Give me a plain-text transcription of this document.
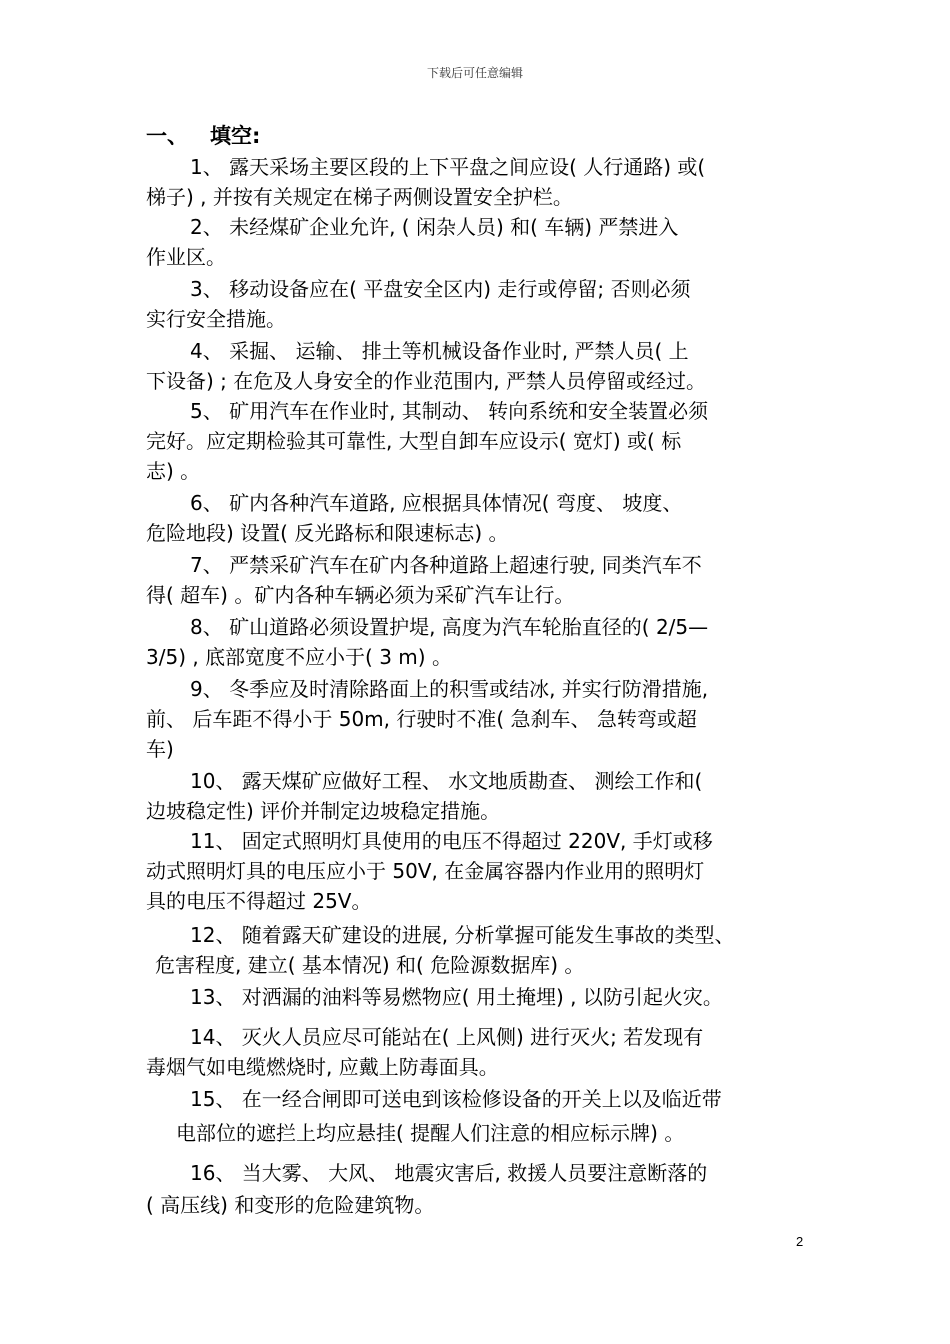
下载后可任意编辑
一、 填空:
1、 露天采场主要区段的上下平盘之间应设( 人行通路) 或(
梯子) , 并按有关规定在梯子两侧设置安全护栏。
2、 未经煤矿企业允许, ( 闲杂人员) 和( 车辆) 严禁进入
作业区。
3、 移动设备应在( 平盘安全区内) 走行或停留; 否则必须
实行安全措施。
4、 采掘、 运输、 排土等机械设备作业时, 严禁人员( 上
下设备) ; 在危及人身安全的作业范围内, 严禁人员停留或经过。
5、 矿用汽车在作业时, 其制动、 转向系统和安全装置必须
完好。应定期检验其可靠性, 大型自卸车应设示( 宽灯) 或( 标
志) 。
6、 矿内各种汽车道路, 应根据具体情况( 弯度、 坡度、
危险地段) 设置( 反光路标和限速标志) 。
7、 严禁采矿汽车在矿内各种道路上超速行驶, 同类汽车不
得( 超车) 。矿内各种车辆必须为采矿汽车让行。
8、 矿山道路必须设置护堤, 高度为汽车轮胎直径的( 2/5—
3/5) , 底部宽度不应小于( 3 m) 。
9、 冬季应及时清除路面上的积雪或结冰, 并实行防滑措施,
前、 后车距不得小于 50m, 行驶时不准( 急刹车、 急转弯或超
车)
10、 露天煤矿应做好工程、 水文地质勘查、 测绘工作和(
边坡稳定性) 评价并制定边坡稳定措施。
11、 固定式照明灯具使用的电压不得超过 220V, 手灯或移
动式照明灯具的电压应小于 50V, 在金属容器内作业用的照明灯
具的电压不得超过 25V。
12、 随着露天矿建设的进展, 分析掌握可能发生事故的类型、
危害程度, 建立( 基本情况) 和( 危险源数据库) 。
13、 对洒漏的油料等易燃物应( 用土掩埋) , 以防引起火灾。
14、 灭火人员应尽可能站在( 上风侧) 进行灭火; 若发现有
毒烟气如电缆燃烧时, 应戴上防毒面具。
15、 在一经合闸即可送电到该检修设备的开关上以及临近带
电部位的遮拦上均应悬挂( 提醒人们注意的相应标示牌) 。
16、 当大雾、 大风、 地震灾害后, 救援人员要注意断落的
( 高压线) 和变形的危险建筑物。
2
